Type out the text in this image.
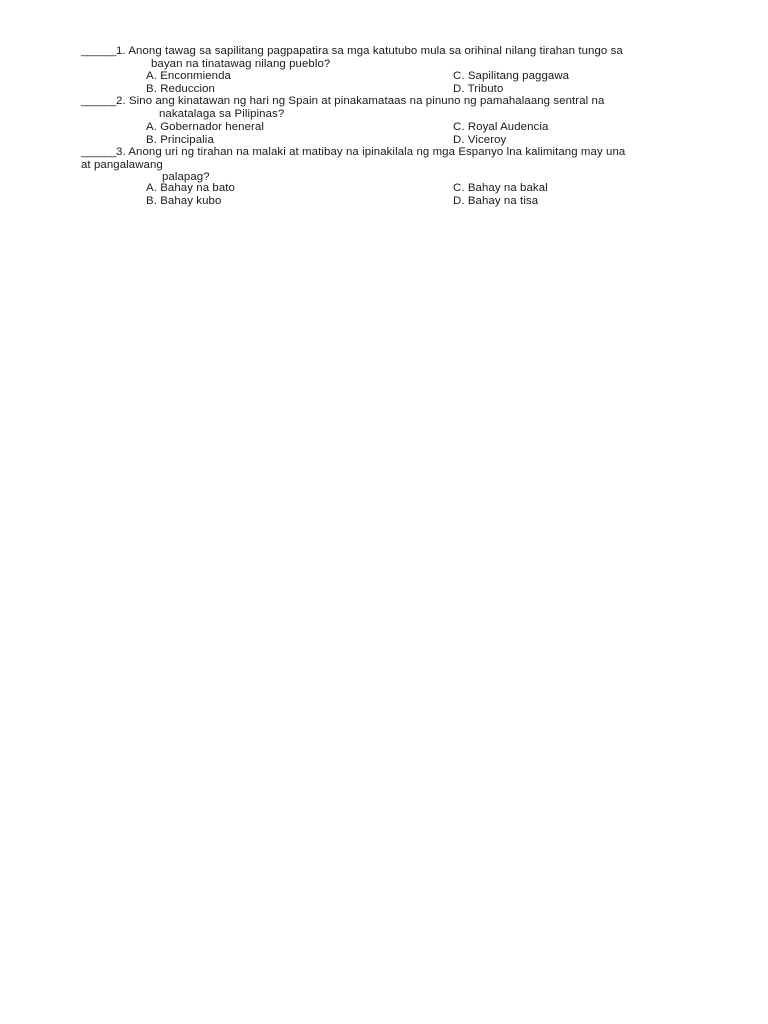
______1. Anong tawag sa sapilitang pagpapatira sa mga katutubo mula sa orihinal nilang tirahan tungo sa
bayan na tinatawag nilang pueblo?
A. Enconmienda	C. Sapilitang paggawa
B. Reduccion	D. Tributo
______2. Sino ang kinatawan ng hari ng Spain at pinakamataas na pinuno ng pamahalaang sentral na
nakatalaga sa Pilipinas?
A. Gobernador heneral	C. Royal Audencia
B. Principalia	D. Viceroy
______3. Anong uri ng tirahan na malaki at matibay na ipinakilala ng mga Espanyo lna kalimitang may una
at pangalawang
palapag?
A. Bahay na bato	C. Bahay na bakal
B. Bahay kubo	D. Bahay na tisa
